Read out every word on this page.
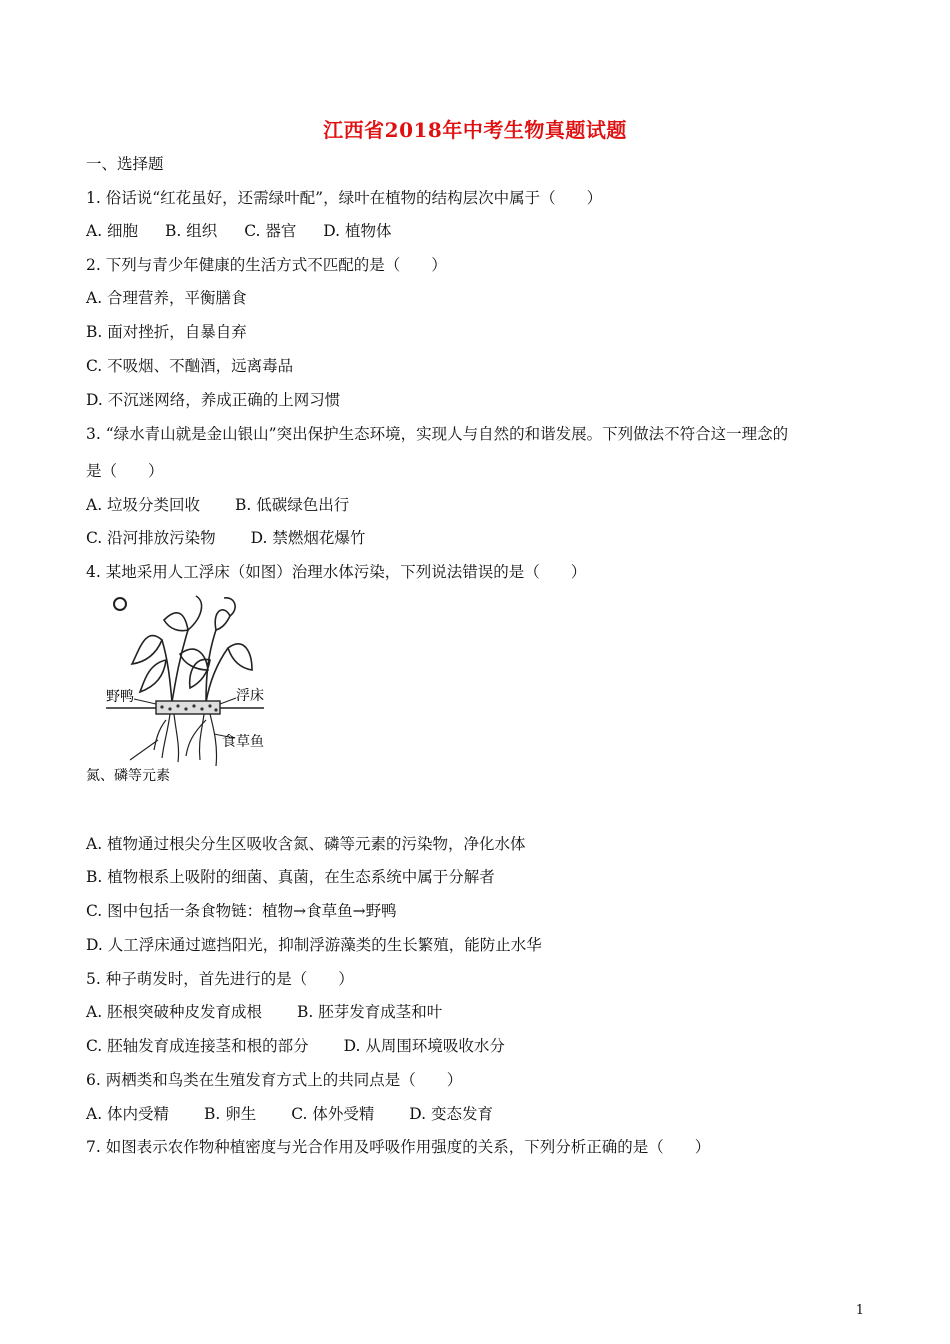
江西省2018年中考生物真题试题
一、选择题
1. 俗话说“红花虽好，还需绿叶配”，绿叶在植物的结构层次中属于（　　）
A. 细胞 B. 组织 C. 器官 D. 植物体
2. 下列与青少年健康的生活方式不匹配的是（　　）
A. 合理营养，平衡膳食
B. 面对挫折，自暴自弃
C. 不吸烟、不酗酒，远离毒品
D. 不沉迷网络，养成正确的上网习惯
3. “绿水青山就是金山银山”突出保护生态环境，实现人与自然的和谐发展。下列做法不符合这一理念的
是（　　）
A. 垃圾分类回收 B. 低碳绿色出行
C. 沿河排放污染物 D. 禁燃烟花爆竹
4. 某地采用人工浮床（如图）治理水体污染，下列说法错误的是（　　）
野鸭	浮床
食草鱼
氮、磷等元素
A. 植物通过根尖分生区吸收含氮、磷等元素的污染物，净化水体
B. 植物根系上吸附的细菌、真菌，在生态系统中属于分解者
C. 图中包括一条食物链：植物→食草鱼→野鸭
D. 人工浮床通过遮挡阳光，抑制浮游藻类的生长繁殖，能防止水华
5. 种子萌发时，首先进行的是（　　）
A. 胚根突破种皮发育成根 B. 胚芽发育成茎和叶
C. 胚轴发育成连接茎和根的部分 D. 从周围环境吸收水分
6. 两栖类和鸟类在生殖发育方式上的共同点是（　　）
A. 体内受精 B. 卵生 C. 体外受精 D. 变态发育
7. 如图表示农作物种植密度与光合作用及呼吸作用强度的关系，下列分析正确的是（　　）
1
